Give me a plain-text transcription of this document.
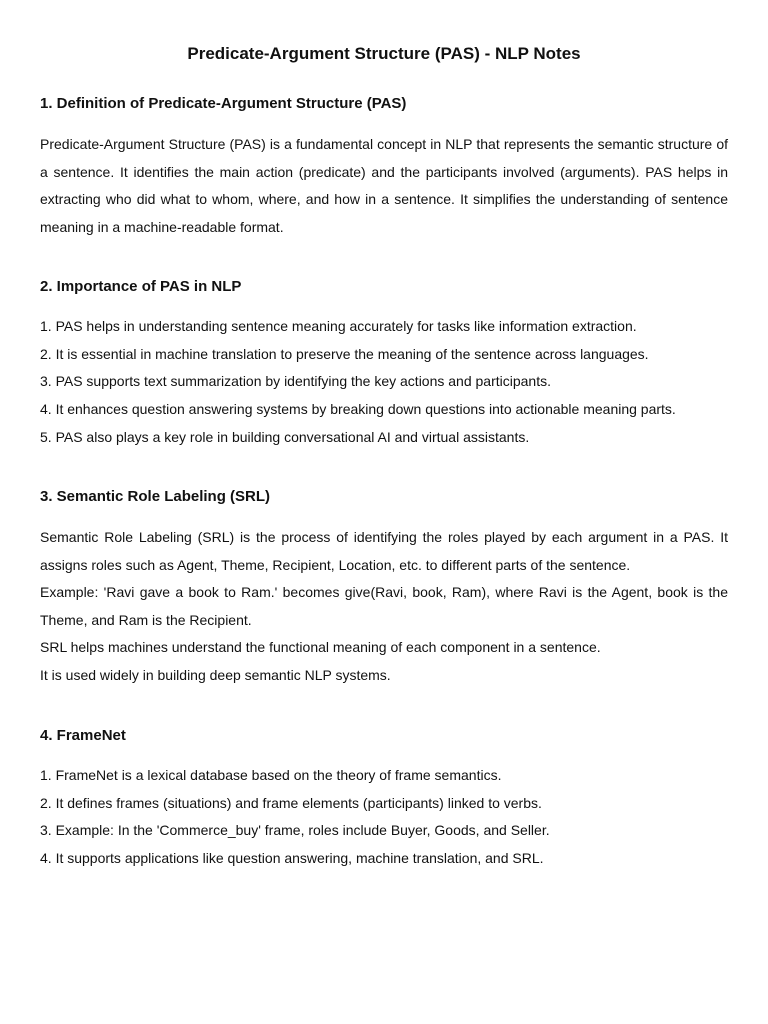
Predicate-Argument Structure (PAS) - NLP Notes
1. Definition of Predicate-Argument Structure (PAS)

Predicate-Argument Structure (PAS) is a fundamental concept in NLP that represents the semantic structure of a sentence. It identifies the main action (predicate) and the participants involved (arguments). PAS helps in extracting who did what to whom, where, and how in a sentence. It simplifies the understanding of sentence meaning in a machine-readable format.

2. Importance of PAS in NLP
1. PAS helps in understanding sentence meaning accurately for tasks like information extraction.
2. It is essential in machine translation to preserve the meaning of the sentence across languages.
3. PAS supports text summarization by identifying the key actions and participants.
4. It enhances question answering systems by breaking down questions into actionable meaning parts.
5. PAS also plays a key role in building conversational AI and virtual assistants.
3. Semantic Role Labeling (SRL)
Semantic Role Labeling (SRL) is the process of identifying the roles played by each argument in a PAS. It assigns roles such as Agent, Theme, Recipient, Location, etc. to different parts of the sentence.
Example: 'Ravi gave a book to Ram.' becomes give(Ravi, book, Ram), where Ravi is the Agent, book is the Theme, and Ram is the Recipient.
SRL helps machines understand the functional meaning of each component in a sentence.
It is used widely in building deep semantic NLP systems.
4. FrameNet
1. FrameNet is a lexical database based on the theory of frame semantics.
2. It defines frames (situations) and frame elements (participants) linked to verbs.
3. Example: In the 'Commerce_buy' frame, roles include Buyer, Goods, and Seller.
4. It supports applications like question answering, machine translation, and SRL.
